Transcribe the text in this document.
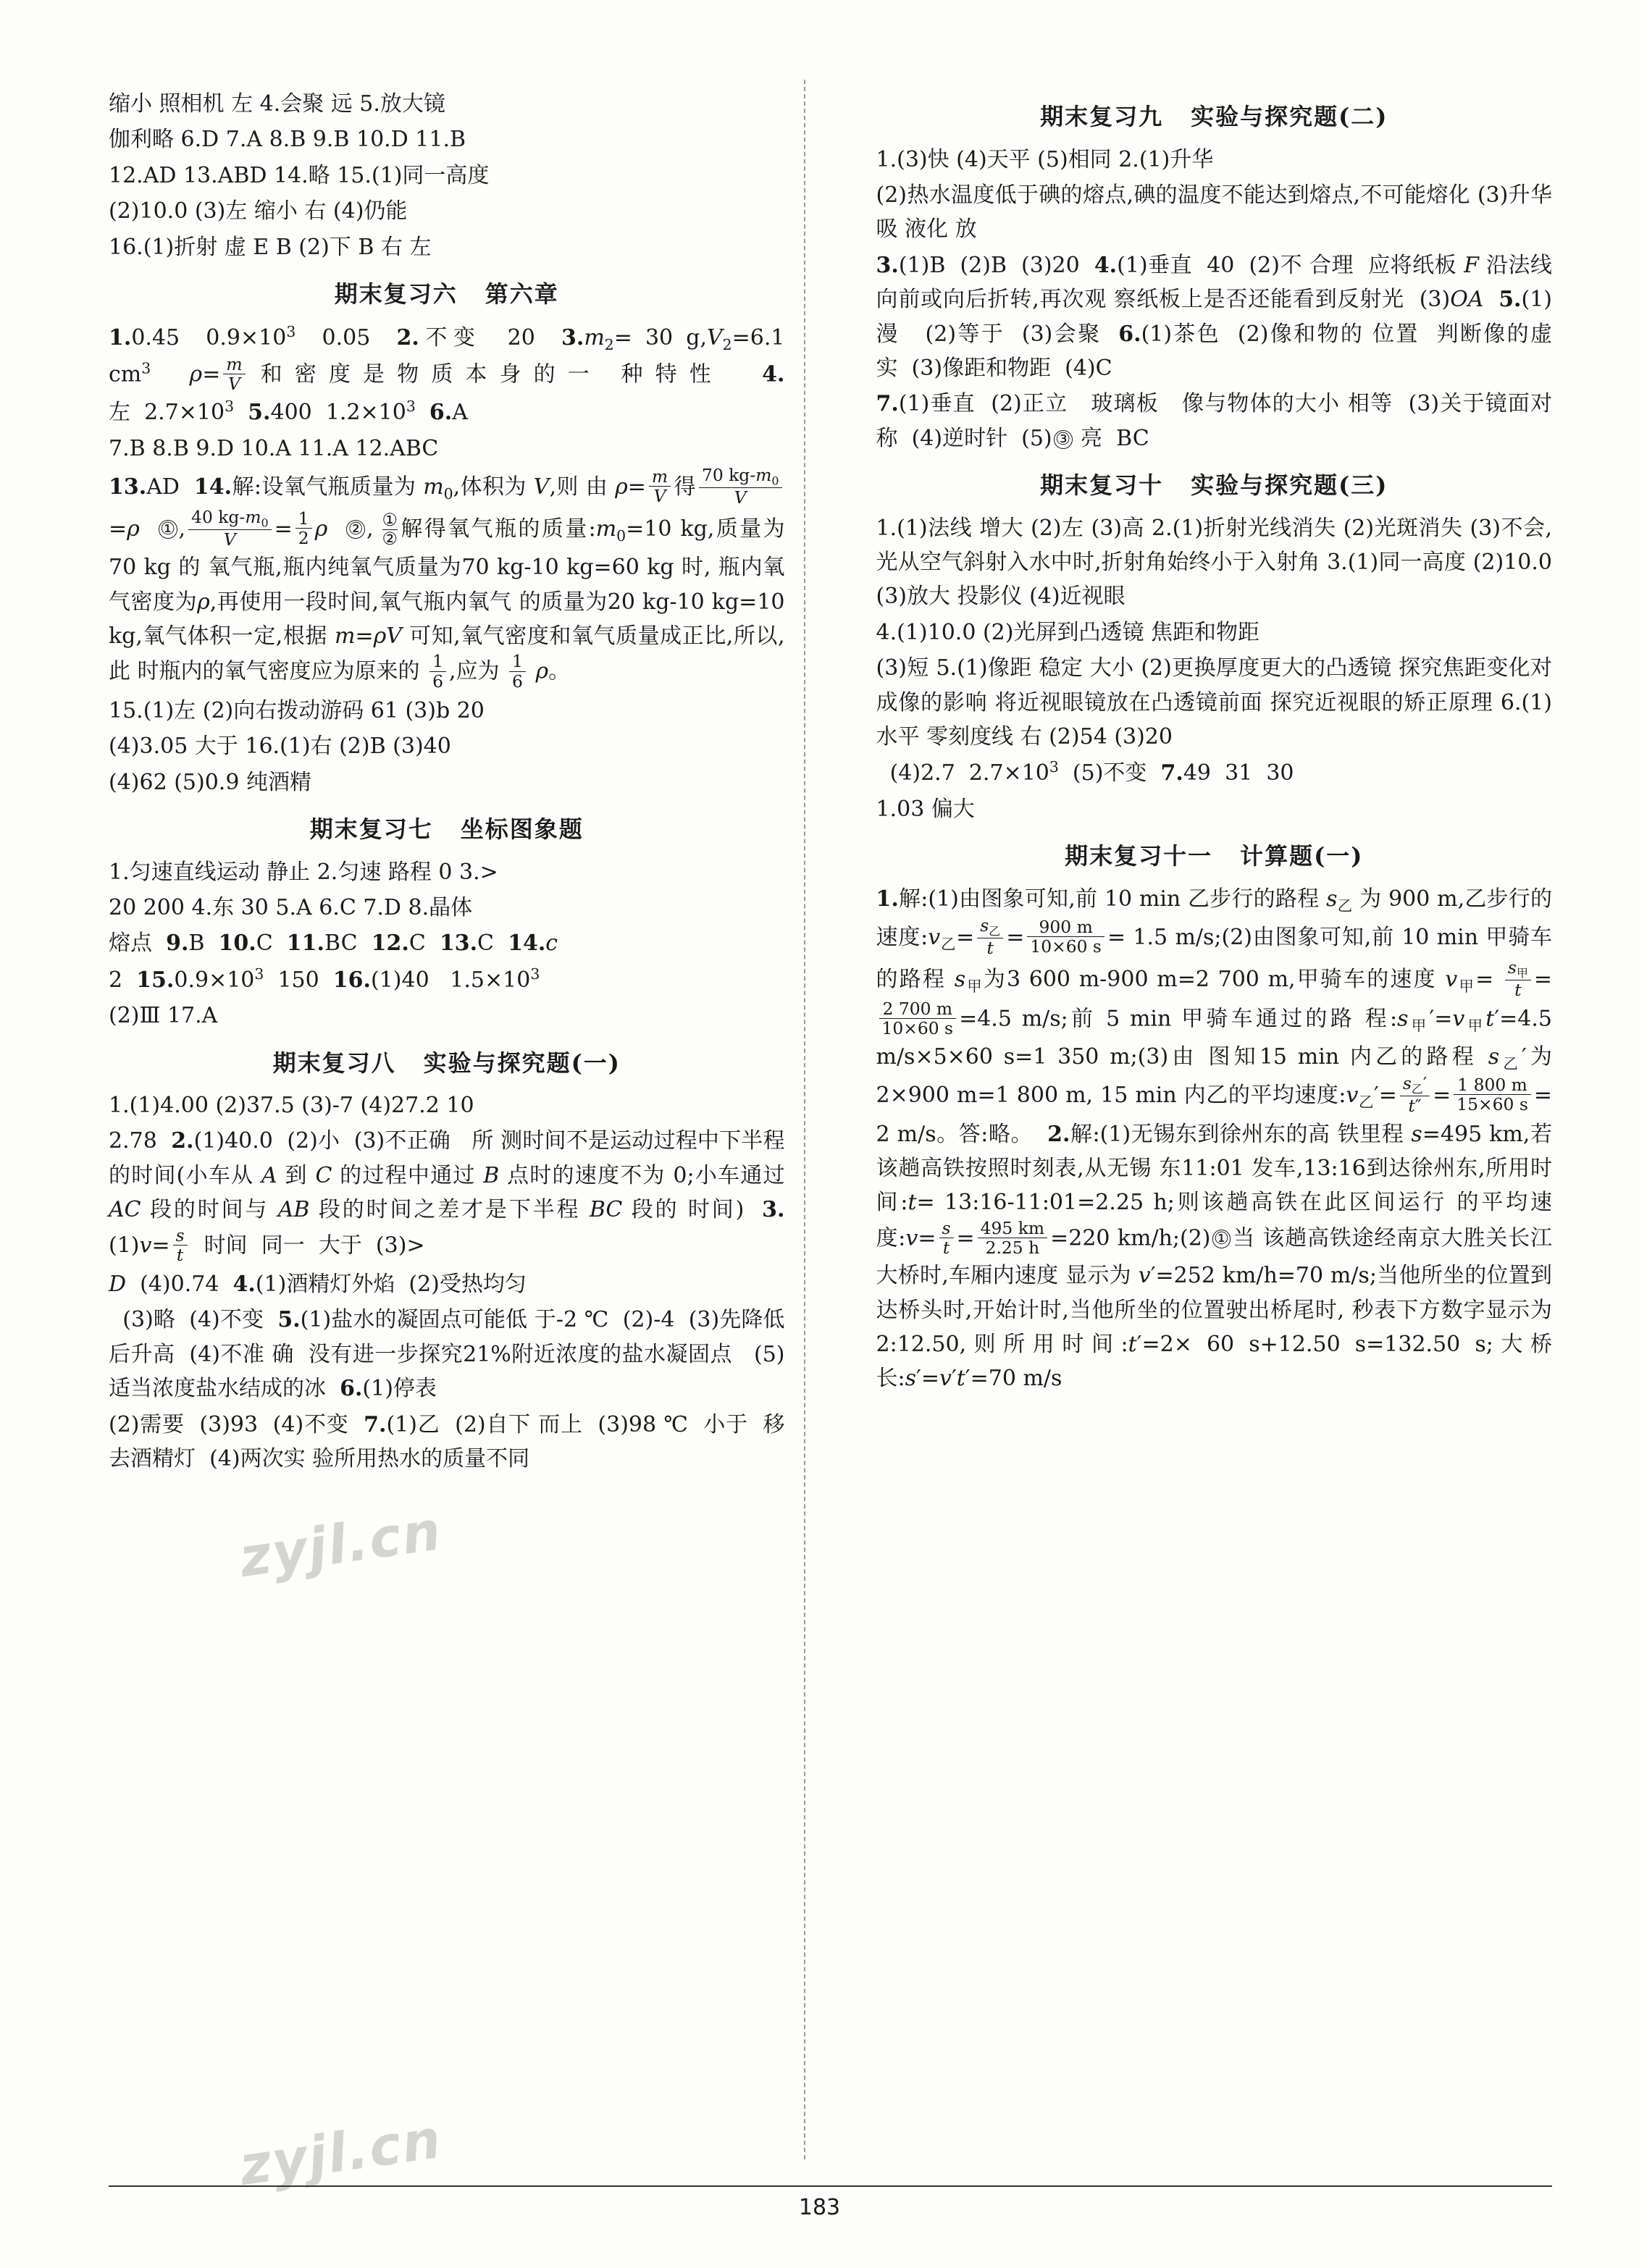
缩小 照相机 左 4.会聚 远 5.放大镜
伽利略 6.D 7.A 8.B 9.B 10.D 11.B
12.AD 13.ABD 14.略 15.(1)同一高度
(2)10.0 (3)左 缩小 右 (4)仍能
16.(1)折射 虚 E B (2)下 B 右 左
期末复习六 第六章
1.0.45  $0.9\times 10^3$  0.05  2.不变  20  $3.m_2= 30$ $g,V_2=6.1$ $cm^3$ $\rho= \frac{m}{V}$ 和密度是物质本身的一 种特性  4.左  $2.7\times 10^3$ 5.400  $1.2\times 10^3$ 6.A
7.B 8.B 9.D 10.A 11.A 12.ABC
13.AD  14.解:设氧气瓶质量为 $m_0$,体积为 V,则 由 $\rho= \frac{m}{V}$ 得 $\frac{70 kg-m_0}{V}$
=ρ ① , $\frac{40 kg-m_0}{V} = \frac{1}{2}$ ρ ② , ①
② 解得氧气瓶的质量$:m_0=10$ kg,质量为 70 kg 的 氧气瓶,瓶内纯氧气质量为70 kg-10 kg=60 kg 时, 瓶内氧气密度为ρ,再使用一段时间,氧气瓶内氧气 的质量为20 kg-10 kg=10 kg,氧气体积一定,根据 m=ρV 可知,氧气密度和氧气质量成正比,所以,此 时瓶内的氧气密度应为原来的 $\frac{1}{6}$ ,应为 $\frac{1}{6}$ ρ。
15.(1)左 (2)向右拨动游码 61 (3)b 20
(4)3.05 大于 16.(1)右 (2)B (3)40
(4)62 (5)0.9 纯酒精
期末复习七 坐标图象题
1.匀速直线运动 静止 2.匀速 路程 0 3.>
20 200 4.东 30 5.A 6.C 7.D 8.晶体
熔点  9.B  10.C  11.BC  12.C  13.C  14.c
2  $15.0.9\times 10^3$  150  16.(1)40   $1.5\times 10^3$
(2)Ⅲ 17.A
期末复习八 实验与探究题(一)
1.(1)4.00 (2)37.5 (3)-7 (4)27.2 10
2.78  2.(1)40.0  (2)小  (3)不正确   所 测时间不是运动过程中下半程的时间(小车从 A 到 C 的过程中通过 B 点时的速度不为 0;小车通过 AC 段的时间与 AB 段的时间之差才是下半程 BC 段的 时间)  $3.(1)v= \frac{s}{t}$ 时间  同一  大于  (3)>
D  (4)0.74  4.(1)酒精灯外焰  (2)受热均匀
(3)略  (4)不变  5.(1)盐水的凝固点可能低 于-2 ℃  (2)-4  (3)先降低后升高  (4)不准 确  没有进一步探究21%附近浓度的盐水凝固点   (5)适当浓度盐水结成的冰  6.(1)停表
(2)需要  (3)93  (4)不变  7.(1)乙  (2)自下 而上  (3)98 ℃  小于  移去酒精灯  (4)两次实 验所用热水的质量不同
期末复习九 实验与探究题(二)
1.(3)快 (4)天平 (5)相同 2.(1)升华
(2)热水温度低于碘的熔点,碘的温度不能达到熔点,不可能熔化 (3)升华 吸 液化 放
3.(1)B  (2)B  (3)20  4.(1)垂直  40  (2)不 合理  应将纸板 F 沿法线向前或向后折转,再次观 察纸板上是否还能看到反射光  (3)OA 5.(1)漫   (2)等于  (3)会聚  6.(1)茶色  (2)像和物的 位置  判断像的虚实  (3)像距和物距  (4)C
7.(1)垂直  (2)正立   玻璃板   像与物体的大小 相等  (3)关于镜面对称  (4)逆时针  (5) ③ 亮  BC
期末复习十 实验与探究题(三)
1.(1)法线 增大 (2)左 (3)高 2.(1)折射光线消失 (2)光斑消失 (3)不会,光从空气斜射入水中时,折射角始终小于入射角 3.(1)同一高度 (2)10.0 (3)放大 投影仪 (4)近视眼
4.(1)10.0 (2)光屏到凸透镜 焦距和物距
(3)短 5.(1)像距 稳定 大小 (2)更换厚度更大的凸透镜 探究焦距变化对成像的影响 将近视眼镜放在凸透镜前面 探究近视眼的矫正原理 6.(1)水平 零刻度线 右 (2)54 (3)20
(4)2.7  $2.7\times 10^3$  (5)不变  7.49  31  30
1.03 偏大
期末复习十一 计算题(一)
1.解:(1)由图象可知,前 10 min 乙步行的路程 $s_乙$ 为 900 m,乙步行的速度$:v_乙= \frac{s_乙}{t} = \frac{900 m}{10\times 60 s} = 1.5$ m/s;(2)由图象可知,前 10 min 甲骑车的路程 $s_甲$为3 600 m-900 m=2 700 m,甲骑车的速度 $v_甲= \frac{s_甲}{t}$ =
$\frac{2 700 m}{10\times 60 s} =4.5$ m/s;前 5 min 甲骑车通过的路 程$:s_甲'=v_甲t'=4.5$ m/s×5×60 s=1 350 m;(3)由 图知15 min 内乙的路程 $s_乙'$为 2×900 m=1 800 m, 15 min 内乙的平均速度$:v_乙'= \frac{s_乙'}{t''} = \frac{1 800 m}{15\times 60 s} = 2$ m/s。答:略。  2.解:(1)无锡东到徐州东的高 铁里程 s=495 km,若该趟高铁按照时刻表,从无锡 东11:01 发车,13:16到达徐州东,所用时间:t= 13:16-11:01=2.25 h;则该趟高铁在此区间运行 的平均速度:v= $\frac{s}{t} = \frac{495 km}{2.25 h} =220$ km/h;(2) ① 当 该趟高铁途经南京大胜关长江大桥时,车厢内速度 显示为 v′=252 km/h=70 m/s;当他所坐的位置到 达桥头时,开始计时,当他所坐的位置驶出桥尾时, 秒表下方数字显示为2:12.50,则所用时间:t′=2× 60 s+12.50 s=132.50 s;大桥长:s′=v′t′=70 m/s
zyjl.cn
zyjl.cn
183
